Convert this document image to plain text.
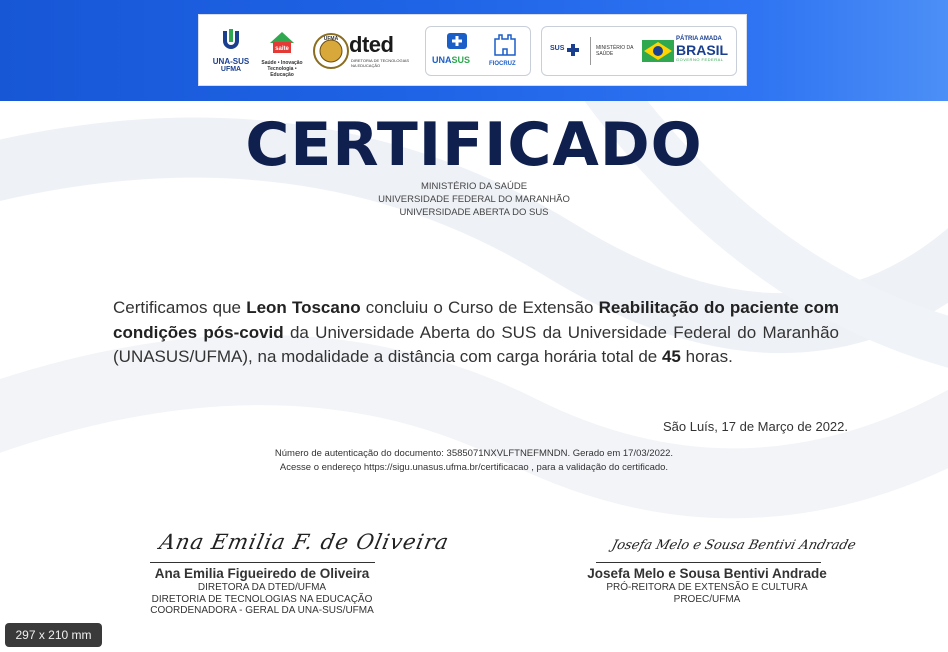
UNA-SUS
UFMA
saite
Saúde • Inovação Tecnologia • Educação
UFMA dted
DIRETORIA DE TECNOLOGIAS NA EDUCAÇÃO
UNASUS	FIOCRUZ
SUS	MINISTÉRIO DA
SAÚDE
PÁTRIA AMADA
BRASIL
GOVERNO FEDERAL
CERTIFICADO
MINISTÉRIO DA SAÚDE
UNIVERSIDADE FEDERAL DO MARANHÃO
UNIVERSIDADE ABERTA DO SUS
Certificamos que Leon Toscano concluiu o Curso de Extensão Reabilitação do paciente com condições pós-covid da Universidade Aberta do SUS da Universidade Federal do Maranhão (UNASUS/UFMA), na modalidade a distância com carga horária total de 45 horas.
São Luís, 17 de Março de 2022.
Número de autenticação do documento: 3585071NXVLFTNEFMNDN. Gerado em 17/03/2022.
Acesse o endereço https://sigu.unasus.ufma.br/certificacao , para a validação do certificado.
Ana Emilia F. de Oliveira
Ana Emilia Figueiredo de Oliveira
DIRETORA DA DTED/UFMA
DIRETORIA DE TECNOLOGIAS NA EDUCAÇÃO
COORDENADORA - GERAL DA UNA-SUS/UFMA
Josefa Melo e Sousa Bentivi Andrade
Josefa Melo e Sousa Bentivi Andrade
PRÓ-REITORA DE EXTENSÃO E CULTURA
PROEC/UFMA
297 x 210 mm
